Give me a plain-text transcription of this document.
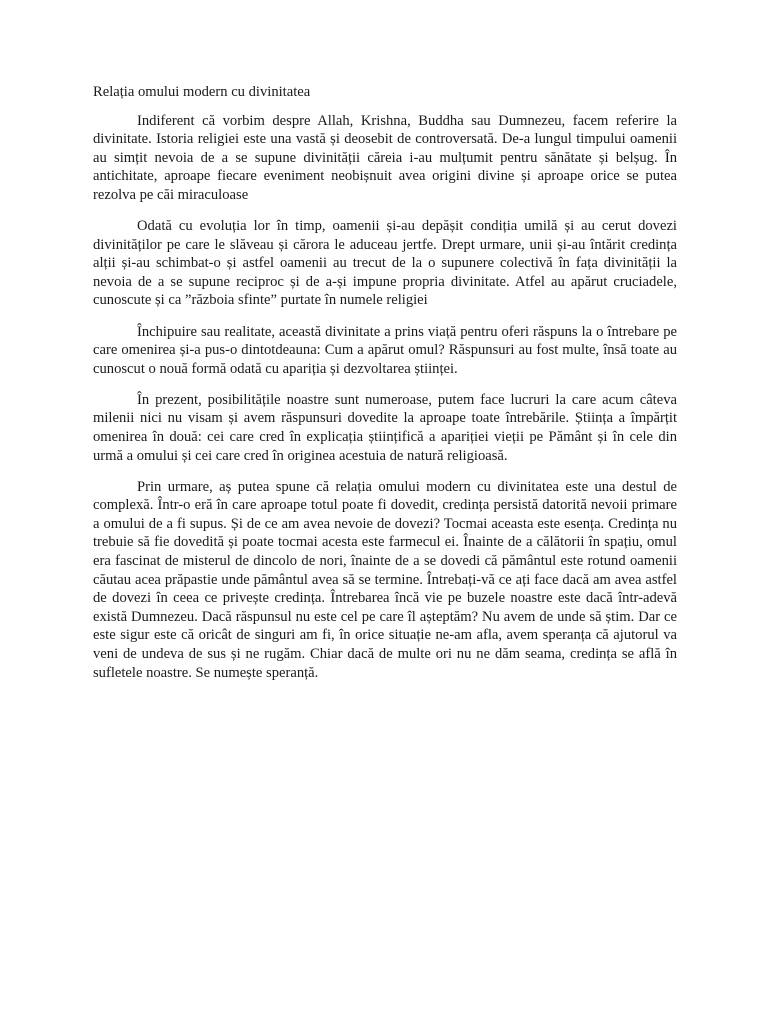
Relația omului modern cu divinitatea

Indiferent că vorbim despre Allah, Krishna, Buddha sau Dumnezeu, facem referire la divinitate. Istoria religiei este una vastă și deosebit de controversată. De-a lungul timpului oamenii au simțit nevoia de a se supune divinității căreia i-au mulțumit pentru sănătate și belșug. În antichitate, aproape fiecare eveniment neobișnuit avea origini divine și aproape orice se putea rezolva pe căi miraculoase

Odată cu evoluția lor în timp, oamenii și-au depășit condiția umilă și au cerut dovezi divinităților pe care le slăveau și cărora le aduceau jertfe. Drept urmare, unii și-au întărit credința alții și-au schimbat-o și astfel oamenii au trecut de la o supunere colectivă în fața divinității la nevoia de a se supune reciproc și de a-și impune propria divinitate. Atfel au apărut cruciadele, cunoscute și ca ”războia sfinte” purtate în numele religiei

Închipuire sau realitate, această divinitate a prins viață pentru oferi răspuns la o întrebare pe care omenirea și-a pus-o dintotdeauna: Cum a apărut omul? Răspunsuri au fost multe, însă toate au cunoscut o nouă formă odată cu apariția și dezvoltarea științei.

În prezent, posibilitățile noastre sunt numeroase, putem face lucruri la care acum câteva milenii nici nu visam și avem răspunsuri dovedite la aproape toate întrebările. Știința a împărțit omenirea în două: cei care cred în explicația științifică a apariției vieții pe Pământ și în cele din urmă a omului și cei care cred în originea acestuia de natură religioasă.

Prin urmare, aș putea spune că relația omului modern cu divinitatea este una destul de complexă. Într-o eră în care aproape totul poate fi dovedit, credința persistă datorită nevoii primare a omului de a fi supus. Și de ce am avea nevoie de dovezi? Tocmai aceasta este esența. Credința nu trebuie să fie dovedită și poate tocmai acesta este farmecul ei. Înainte de a călătorii în spațiu, omul era fascinat de misterul de dincolo de nori, înainte de a se dovedi că pământul este rotund oamenii căutau acea prăpastie unde pământul avea să se termine. Întrebați-vă ce ați face dacă am avea astfel de dovezi în ceea ce privește credința. Întrebarea încă vie pe buzele noastre este dacă într-adevă există Dumnezeu. Dacă răspunsul nu este cel pe care îl așteptăm? Nu avem de unde să știm. Dar ce este sigur este că oricât de singuri am fi, în orice situație ne-am afla, avem speranța că ajutorul va veni de undeva de sus și ne rugăm. Chiar dacă de multe ori nu ne dăm seama, credința se află în sufletele noastre. Se numește speranță.
